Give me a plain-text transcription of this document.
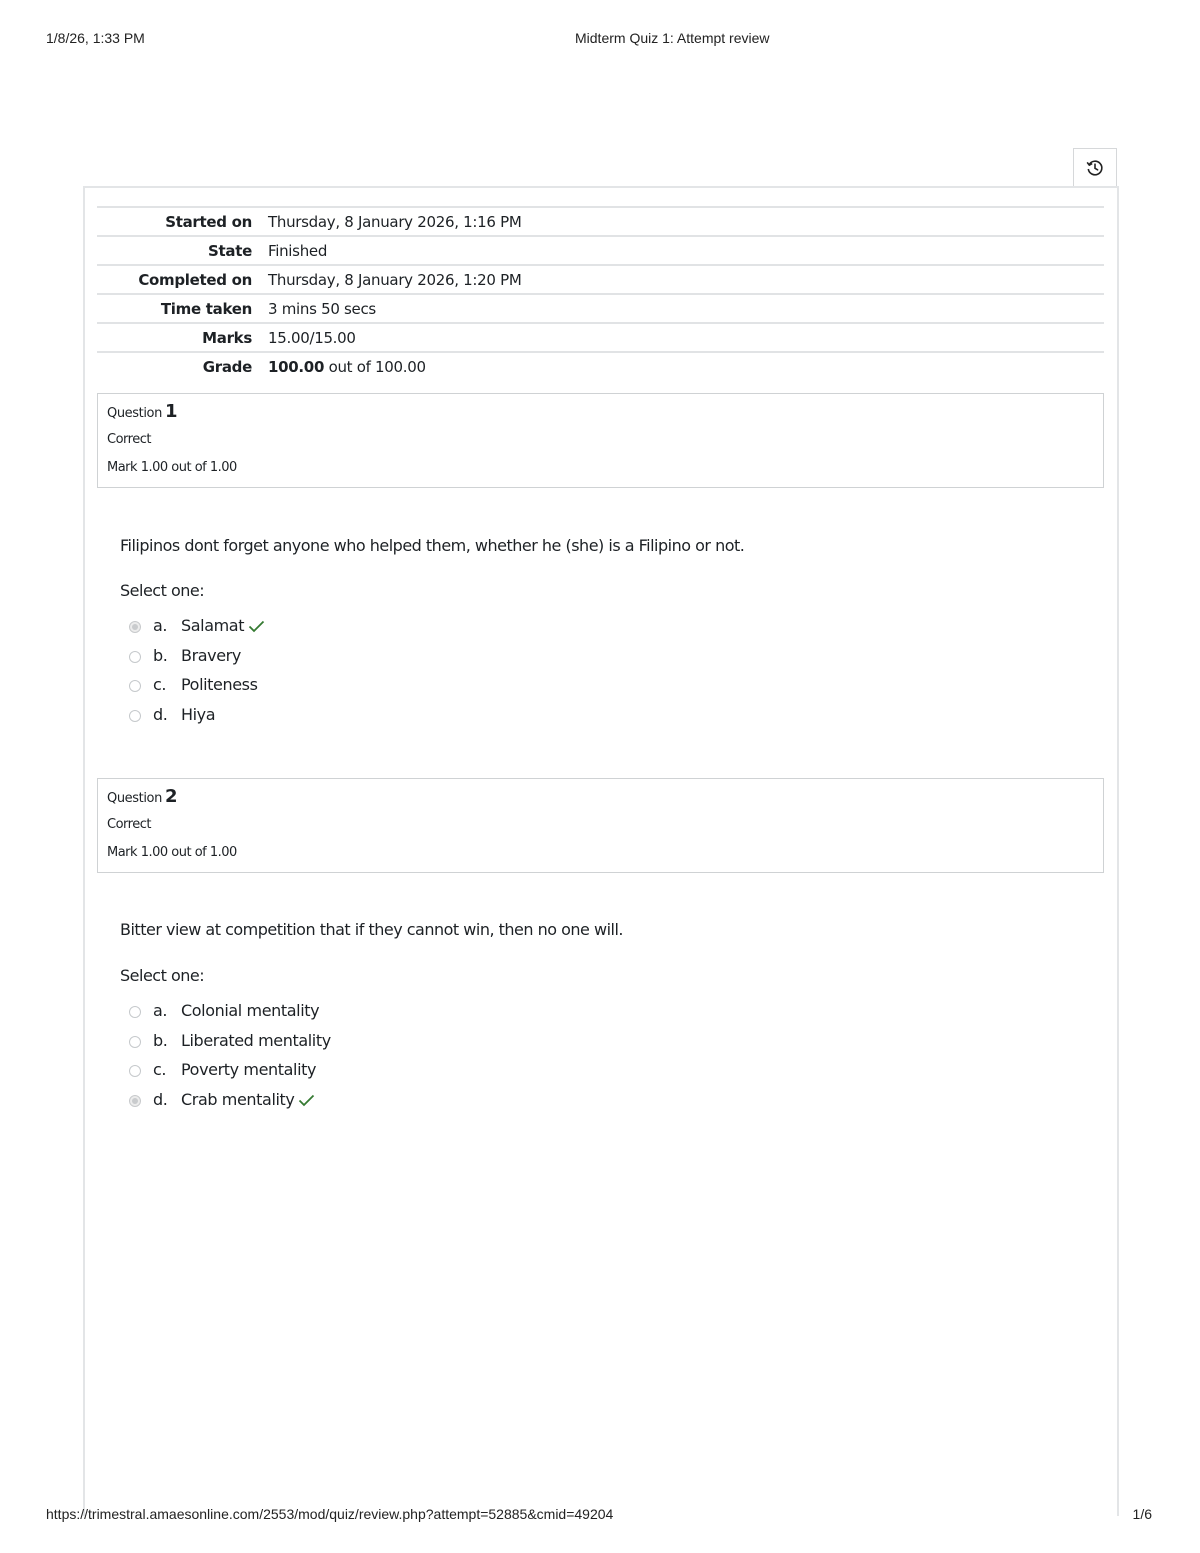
1/8/26, 1:33 PM	Midterm Quiz 1: Attempt review
Started on	Thursday, 8 January 2026, 1:16 PM
State	Finished
Completed on	Thursday, 8 January 2026, 1:20 PM
Time taken	3 mins 50 secs
Marks	15.00/15.00
Grade	100.00 out of 100.00
Question 1
Correct
Mark 1.00 out of 1.00
Filipinos dont forget anyone who helped them, whether he (she) is a Filipino or not.
Select one:
a. Salamat
b. Bravery
c. Politeness
d. Hiya
Question 2
Correct
Mark 1.00 out of 1.00
Bitter view at competition that if they cannot win, then no one will.
Select one:
a. Colonial mentality
b. Liberated mentality
c. Poverty mentality
d. Crab mentality
https://trimestral.amaesonline.com/2553/mod/quiz/review.php?attempt=52885&cmid=49204	1/6
